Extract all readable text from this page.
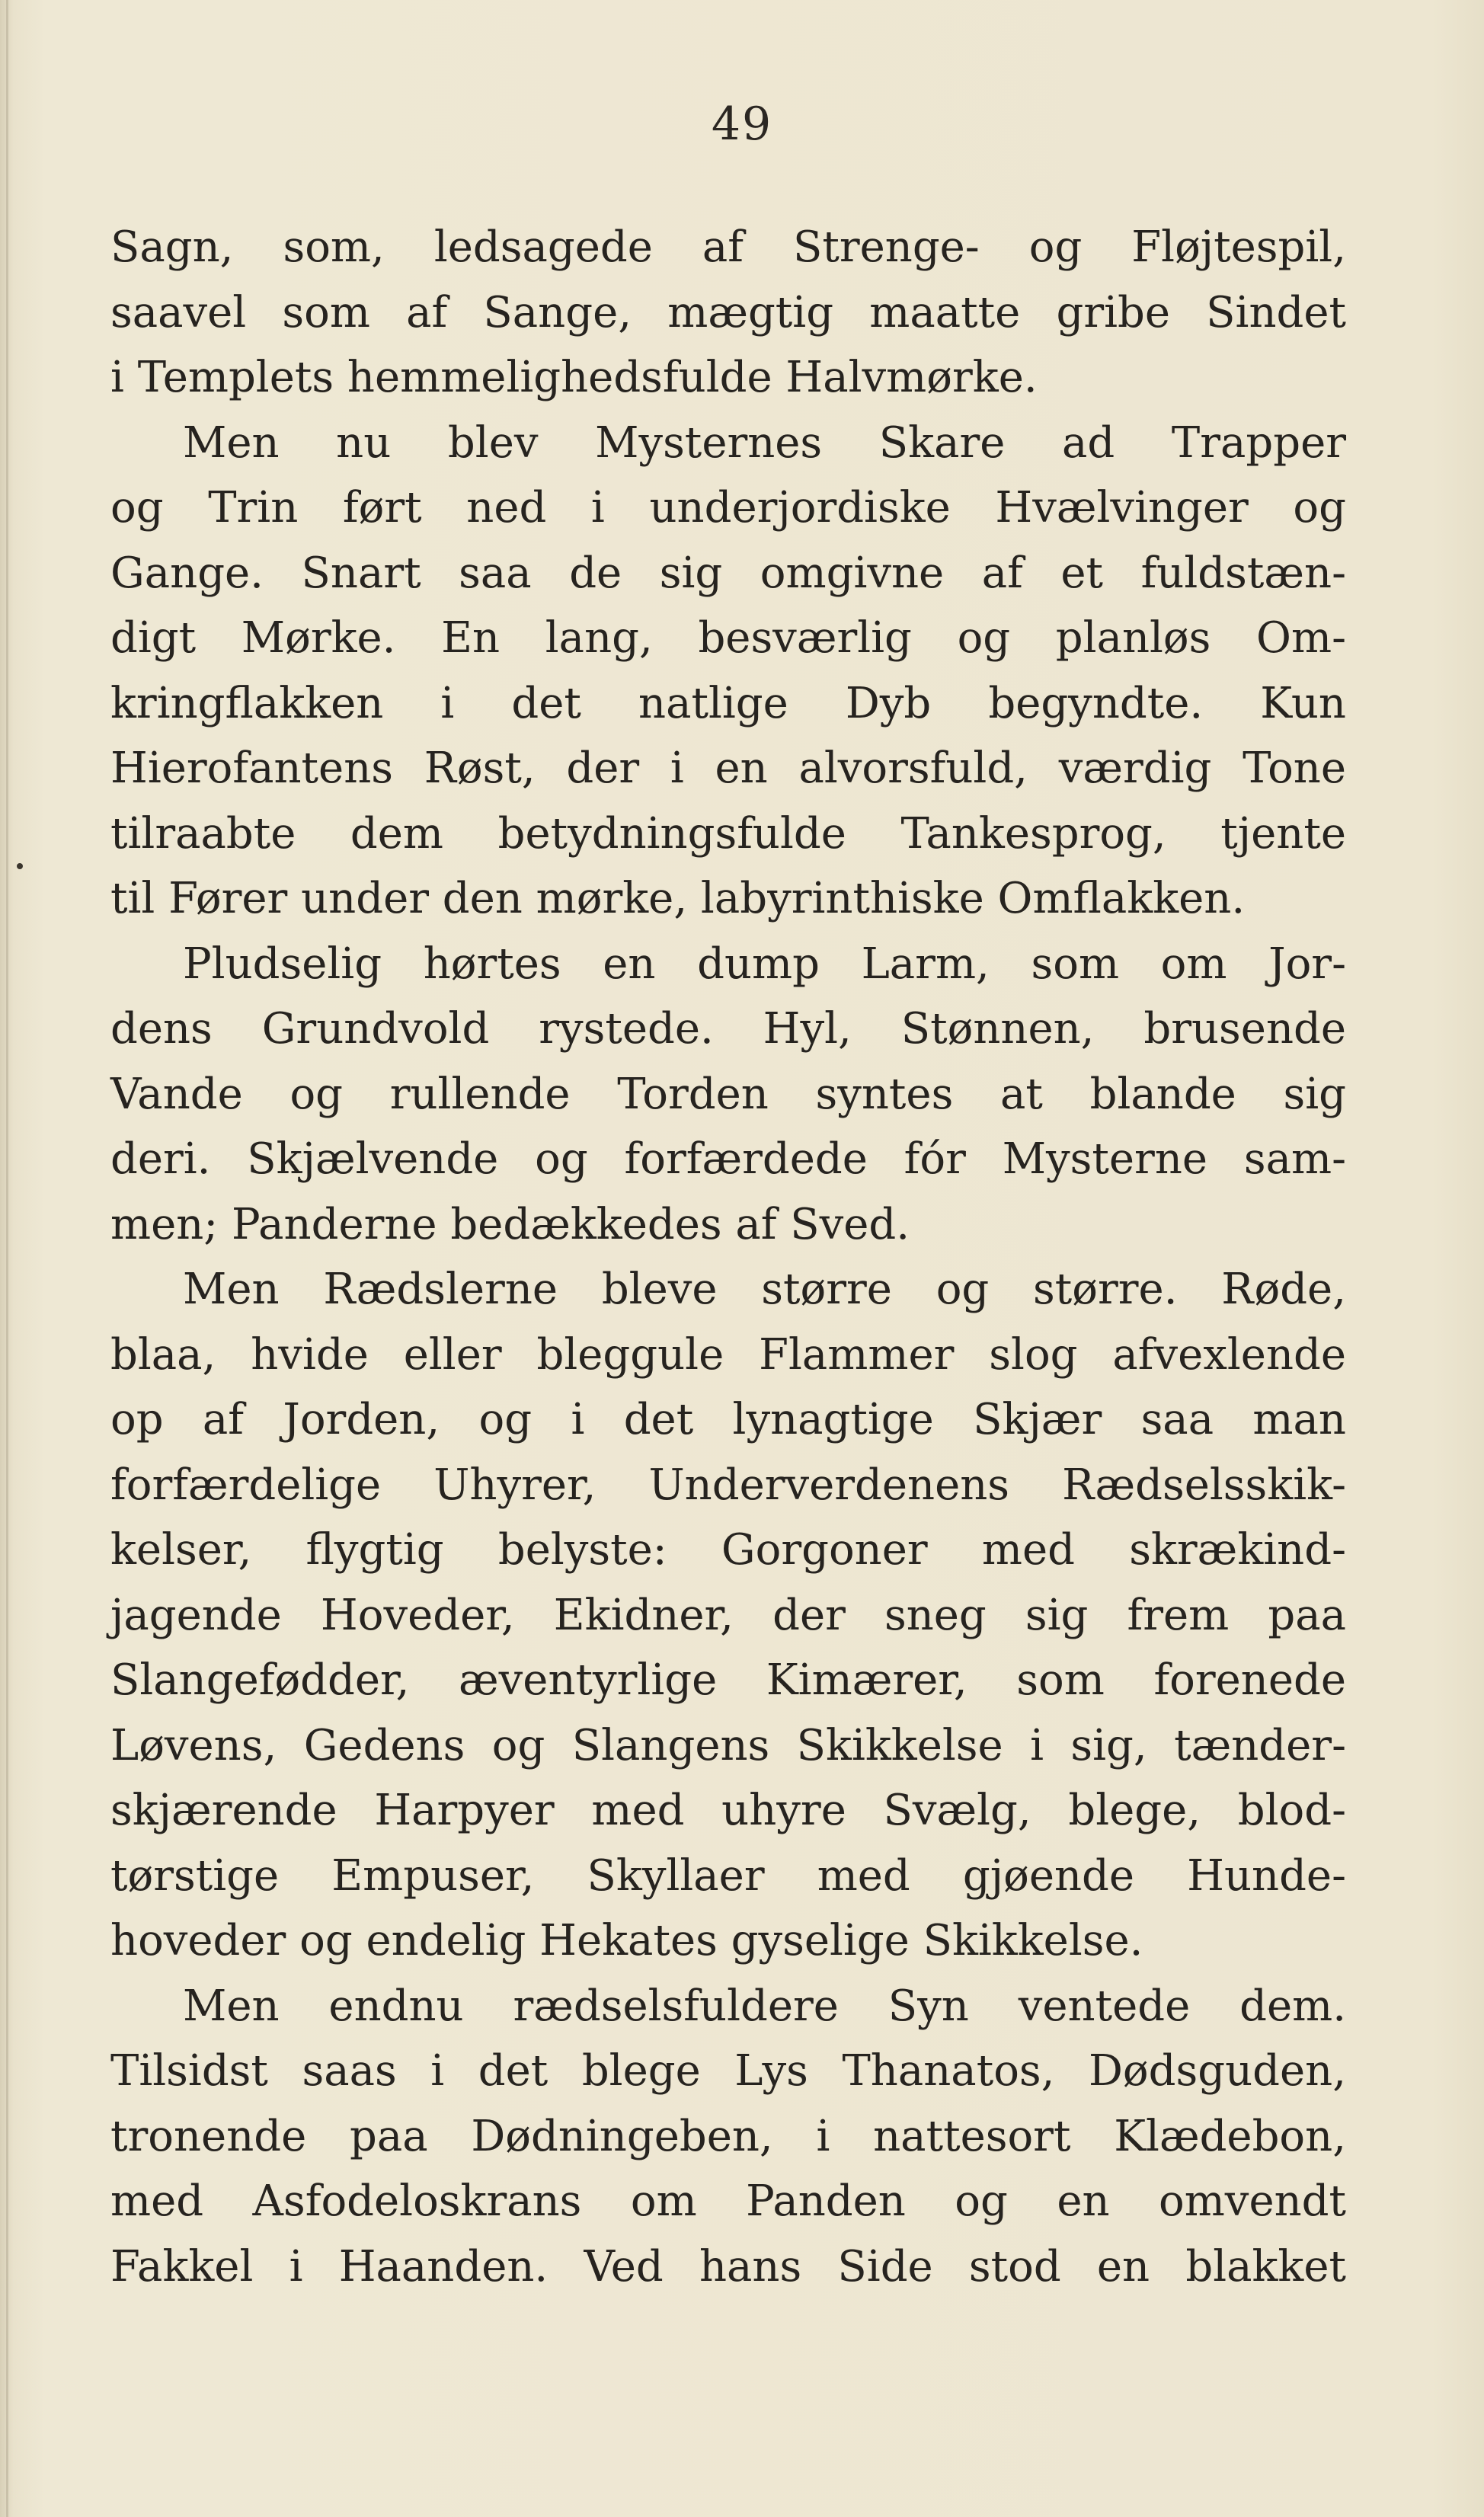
49
Sagn, som, ledsagede af Strenge- og Fløjtespil,
saavel som af Sange, mægtig maatte gribe Sindet
i Templets hemmelighedsfulde Halvmørke.
Men nu blev Mysternes Skare ad Trapper
og Trin ført ned i underjordiske Hvælvinger og
Gange. Snart saa de sig omgivne af et fuldstæn-
digt Mørke. En lang, besværlig og planløs Om-
kringflakken i det natlige Dyb begyndte. Kun
Hierofantens Røst, der i en alvorsfuld, værdig Tone
tilraabte dem betydningsfulde Tankesprog, tjente
til Fører under den mørke, labyrinthiske Omflakken.
Pludselig hørtes en dump Larm, som om Jor-
dens Grundvold rystede. Hyl, Stønnen, brusende
Vande og rullende Torden syntes at blande sig
deri. Skjælvende og forfærdede fór Mysterne sam-
men; Panderne bedækkedes af Sved.
Men Rædslerne bleve større og større. Røde,
blaa, hvide eller bleggule Flammer slog afvexlende
op af Jorden, og i det lynagtige Skjær saa man
forfærdelige Uhyrer, Underverdenens Rædselsskik-
kelser, flygtig belyste: Gorgoner med skrækind-
jagende Hoveder, Ekidner, der sneg sig frem paa
Slangefødder, æventyrlige Kimærer, som forenede
Løvens, Gedens og Slangens Skikkelse i sig, tænder-
skjærende Harpyer med uhyre Svælg, blege, blod-
tørstige Empuser, Skyllaer med gjøende Hunde-
hoveder og endelig Hekates gyselige Skikkelse.
Men endnu rædselsfuldere Syn ventede dem.
Tilsidst saas i det blege Lys Thanatos, Dødsguden,
tronende paa Dødningeben, i nattesort Klædebon,
med Asfodeloskrans om Panden og en omvendt
Fakkel i Haanden. Ved hans Side stod en blakket
